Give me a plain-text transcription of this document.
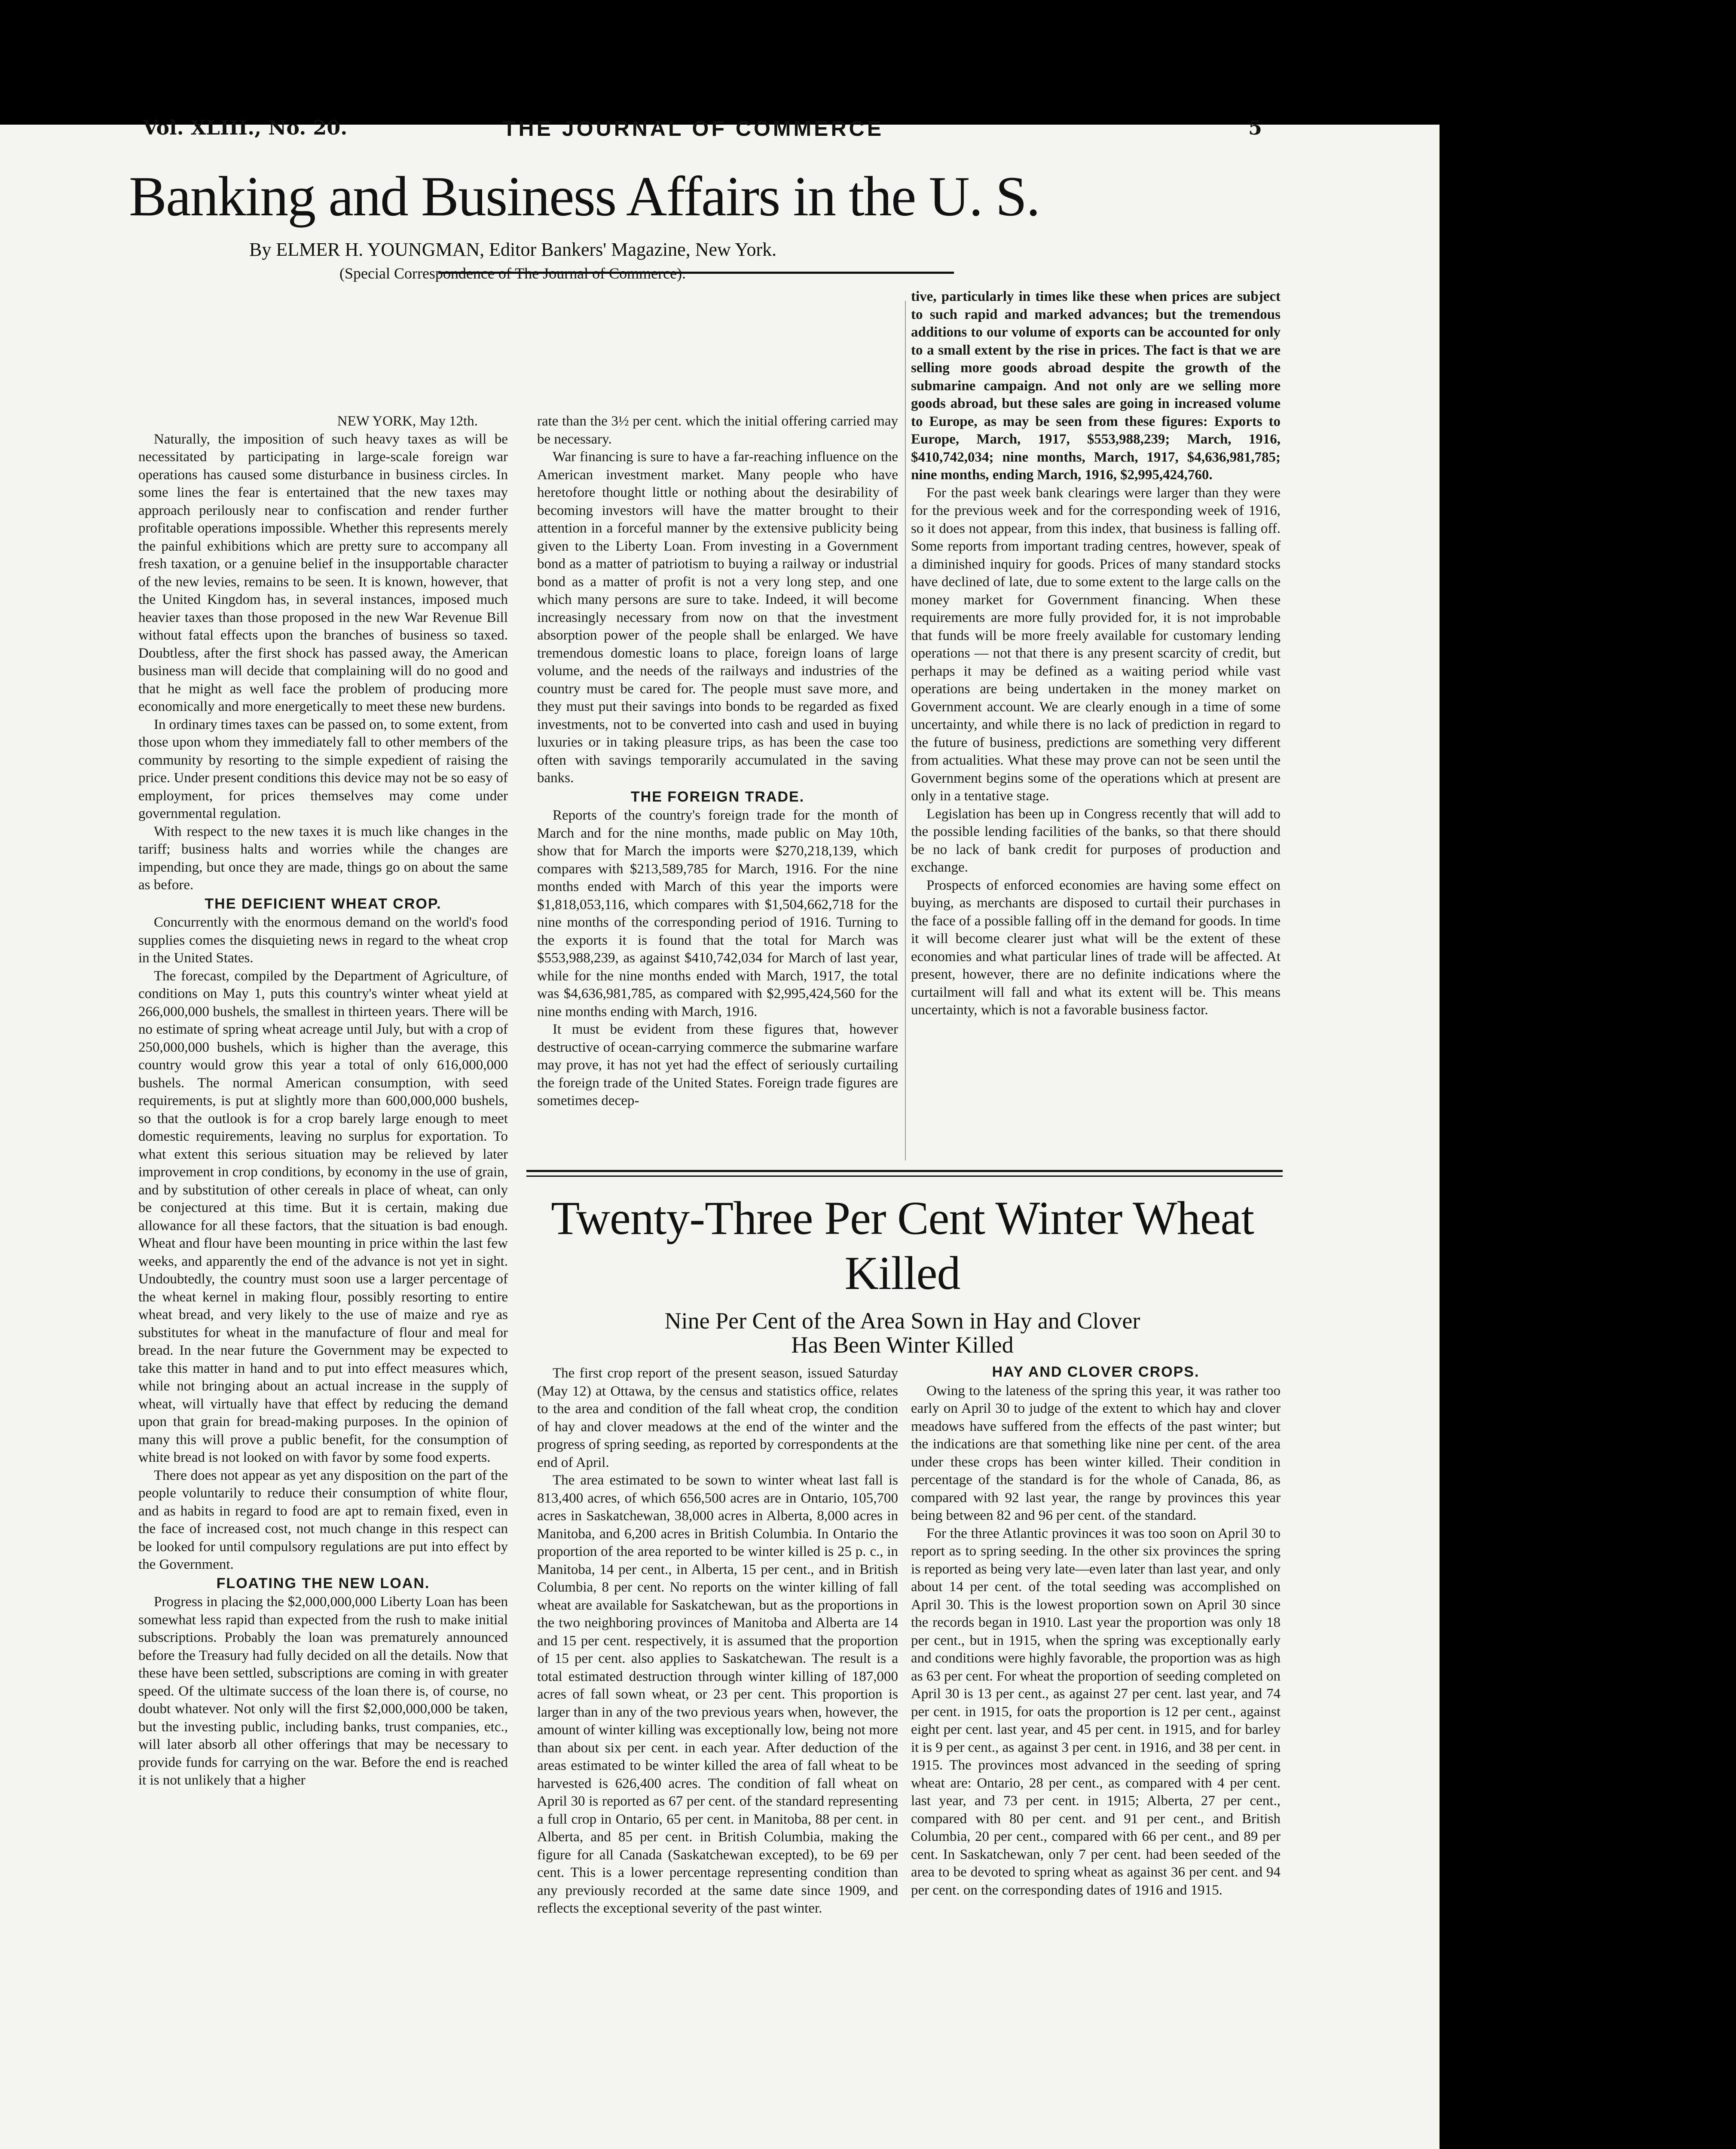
Vol. XLIII., No. 20.	THE JOURNAL OF COMMERCE	5
Banking and Business Affairs in the U. S.
By ELMER H. YOUNGMAN, Editor Bankers' Magazine, New York.
(Special Correspondence of The Journal of Commerce).

NEW YORK, May 12th.

Naturally, the imposition of such heavy taxes as will be necessitated by participating in large-scale foreign war operations has caused some disturbance in business circles. In some lines the fear is entertained that the new taxes may approach perilously near to confiscation and render further profitable operations impossible. Whether this represents merely the painful exhibitions which are pretty sure to accompany all fresh taxation, or a genuine belief in the insupportable character of the new levies, remains to be seen. It is known, however, that the United Kingdom has, in several instances, imposed much heavier taxes than those proposed in the new War Revenue Bill without fatal effects upon the branches of business so taxed. Doubtless, after the first shock has passed away, the American business man will decide that complaining will do no good and that he might as well face the problem of producing more economically and more energetically to meet these new burdens.

In ordinary times taxes can be passed on, to some extent, from those upon whom they immediately fall to other members of the community by resorting to the simple expedient of raising the price. Under present conditions this device may not be so easy of employment, for prices themselves may come under governmental regulation.

With respect to the new taxes it is much like changes in the tariff; business halts and worries while the changes are impending, but once they are made, things go on about the same as before.

THE DEFICIENT WHEAT CROP.

Concurrently with the enormous demand on the world's food supplies comes the disquieting news in regard to the wheat crop in the United States.

The forecast, compiled by the Department of Agriculture, of conditions on May 1, puts this country's winter wheat yield at 266,000,000 bushels, the smallest in thirteen years. There will be no estimate of spring wheat acreage until July, but with a crop of 250,000,000 bushels, which is higher than the average, this country would grow this year a total of only 616,000,000 bushels. The normal American consumption, with seed requirements, is put at slightly more than 600,000,000 bushels, so that the outlook is for a crop barely large enough to meet domestic requirements, leaving no surplus for exportation. To what extent this serious situation may be relieved by later improvement in crop conditions, by economy in the use of grain, and by substitution of other cereals in place of wheat, can only be conjectured at this time. But it is certain, making due allowance for all these factors, that the situation is bad enough. Wheat and flour have been mounting in price within the last few weeks, and apparently the end of the advance is not yet in sight. Undoubtedly, the country must soon use a larger percentage of the wheat kernel in making flour, possibly resorting to entire wheat bread, and very likely to the use of maize and rye as substitutes for wheat in the manufacture of flour and meal for bread. In the near future the Government may be expected to take this matter in hand and to put into effect measures which, while not bringing about an actual increase in the supply of wheat, will virtually have that effect by reducing the demand upon that grain for bread-making purposes. In the opinion of many this will prove a public benefit, for the consumption of white bread is not looked on with favor by some food experts.

There does not appear as yet any disposition on the part of the people voluntarily to reduce their consumption of white flour, and as habits in regard to food are apt to remain fixed, even in the face of increased cost, not much change in this respect can be looked for until compulsory regulations are put into effect by the Government.

FLOATING THE NEW LOAN.

Progress in placing the $2,000,000,000 Liberty Loan has been somewhat less rapid than expected from the rush to make initial subscriptions. Probably the loan was prematurely announced before the Treasury had fully decided on all the details. Now that these have been settled, subscriptions are coming in with greater speed. Of the ultimate success of the loan there is, of course, no doubt whatever. Not only will the first $2,000,000,000 be taken, but the investing public, including banks, trust companies, etc., will later absorb all other offerings that may be necessary to provide funds for carrying on the war. Before the end is reached it is not unlikely that a higher

rate than the 3½ per cent. which the initial offering carried may be necessary.

War financing is sure to have a far-reaching influence on the American investment market. Many people who have heretofore thought little or nothing about the desirability of becoming investors will have the matter brought to their attention in a forceful manner by the extensive publicity being given to the Liberty Loan. From investing in a Government bond as a matter of patriotism to buying a railway or industrial bond as a matter of profit is not a very long step, and one which many persons are sure to take. Indeed, it will become increasingly necessary from now on that the investment absorption power of the people shall be enlarged. We have tremendous domestic loans to place, foreign loans of large volume, and the needs of the railways and industries of the country must be cared for. The people must save more, and they must put their savings into bonds to be regarded as fixed investments, not to be converted into cash and used in buying luxuries or in taking pleasure trips, as has been the case too often with savings temporarily accumulated in the saving banks.

THE FOREIGN TRADE.

Reports of the country's foreign trade for the month of March and for the nine months, made public on May 10th, show that for March the imports were $270,218,139, which compares with $213,589,785 for March, 1916. For the nine months ended with March of this year the imports were $1,818,053,116, which compares with $1,504,662,718 for the nine months of the corresponding period of 1916. Turning to the exports it is found that the total for March was $553,988,239, as against $410,742,034 for March of last year, while for the nine months ended with March, 1917, the total was $4,636,981,785, as compared with $2,995,424,560 for the nine months ending with March, 1916.

It must be evident from these figures that, however destructive of ocean-carrying commerce the submarine warfare may prove, it has not yet had the effect of seriously curtailing the foreign trade of the United States. Foreign trade figures are sometimes decep-

tive, particularly in times like these when prices are subject to such rapid and marked advances; but the tremendous additions to our volume of exports can be accounted for only to a small extent by the rise in prices. The fact is that we are selling more goods abroad despite the growth of the submarine campaign. And not only are we selling more goods abroad, but these sales are going in increased volume to Europe, as may be seen from these figures: Exports to Europe, March, 1917, $553,988,239; March, 1916, $410,742,034; nine months, March, 1917, $4,636,981,785; nine months, ending March, 1916, $2,995,424,760.

For the past week bank clearings were larger than they were for the previous week and for the corresponding week of 1916, so it does not appear, from this index, that business is falling off. Some reports from important trading centres, however, speak of a diminished inquiry for goods. Prices of many standard stocks have declined of late, due to some extent to the large calls on the money market for Government financing. When these requirements are more fully provided for, it is not improbable that funds will be more freely available for customary lending operations — not that there is any present scarcity of credit, but perhaps it may be defined as a waiting period while vast operations are being undertaken in the money market on Government account. We are clearly enough in a time of some uncertainty, and while there is no lack of prediction in regard to the future of business, predictions are something very different from actualities. What these may prove can not be seen until the Government begins some of the operations which at present are only in a tentative stage.

Legislation has been up in Congress recently that will add to the possible lending facilities of the banks, so that there should be no lack of bank credit for purposes of production and exchange.

Prospects of enforced economies are having some effect on buying, as merchants are disposed to curtail their purchases in the face of a possible falling off in the demand for goods. In time it will become clearer just what will be the extent of these economies and what particular lines of trade will be affected. At present, however, there are no definite indications where the curtailment will fall and what its extent will be. This means uncertainty, which is not a favorable business factor.

Twenty-Three Per Cent Winter Wheat
Killed
Nine Per Cent of the Area Sown in Hay and Clover
Has Been Winter Killed

The first crop report of the present season, issued Saturday (May 12) at Ottawa, by the census and statistics office, relates to the area and condition of the fall wheat crop, the condition of hay and clover meadows at the end of the winter and the progress of spring seeding, as reported by correspondents at the end of April.

The area estimated to be sown to winter wheat last fall is 813,400 acres, of which 656,500 acres are in Ontario, 105,700 acres in Saskatchewan, 38,000 acres in Alberta, 8,000 acres in Manitoba, and 6,200 acres in British Columbia. In Ontario the proportion of the area reported to be winter killed is 25 p. c., in Manitoba, 14 per cent., in Alberta, 15 per cent., and in British Columbia, 8 per cent. No reports on the winter killing of fall wheat are available for Saskatchewan, but as the proportions in the two neighboring provinces of Manitoba and Alberta are 14 and 15 per cent. respectively, it is assumed that the proportion of 15 per cent. also applies to Saskatchewan. The result is a total estimated destruction through winter killing of 187,000 acres of fall sown wheat, or 23 per cent. This proportion is larger than in any of the two previous years when, however, the amount of winter killing was exceptionally low, being not more than about six per cent. in each year. After deduction of the areas estimated to be winter killed the area of fall wheat to be harvested is 626,400 acres. The condition of fall wheat on April 30 is reported as 67 per cent. of the standard representing a full crop in Ontario, 65 per cent. in Manitoba, 88 per cent. in Alberta, and 85 per cent. in British Columbia, making the figure for all Canada (Saskatchewan excepted), to be 69 per cent. This is a lower percentage representing condition than any previously recorded at the same date since 1909, and reflects the exceptional severity of the past winter.

HAY AND CLOVER CROPS.

Owing to the lateness of the spring this year, it was rather too early on April 30 to judge of the extent to which hay and clover meadows have suffered from the effects of the past winter; but the indications are that something like nine per cent. of the area under these crops has been winter killed. Their condition in percentage of the standard is for the whole of Canada, 86, as compared with 92 last year, the range by provinces this year being between 82 and 96 per cent. of the standard.

For the three Atlantic provinces it was too soon on April 30 to report as to spring seeding. In the other six provinces the spring is reported as being very late—even later than last year, and only about 14 per cent. of the total seeding was accomplished on April 30. This is the lowest proportion sown on April 30 since the records began in 1910. Last year the proportion was only 18 per cent., but in 1915, when the spring was exceptionally early and conditions were highly favorable, the proportion was as high as 63 per cent. For wheat the proportion of seeding completed on April 30 is 13 per cent., as against 27 per cent. last year, and 74 per cent. in 1915, for oats the proportion is 12 per cent., against eight per cent. last year, and 45 per cent. in 1915, and for barley it is 9 per cent., as against 3 per cent. in 1916, and 38 per cent. in 1915. The provinces most advanced in the seeding of spring wheat are: Ontario, 28 per cent., as compared with 4 per cent. last year, and 73 per cent. in 1915; Alberta, 27 per cent., compared with 80 per cent. and 91 per cent., and British Columbia, 20 per cent., compared with 66 per cent., and 89 per cent. In Saskatchewan, only 7 per cent. had been seeded of the area to be devoted to spring wheat as against 36 per cent. and 94 per cent. on the corresponding dates of 1916 and 1915.
